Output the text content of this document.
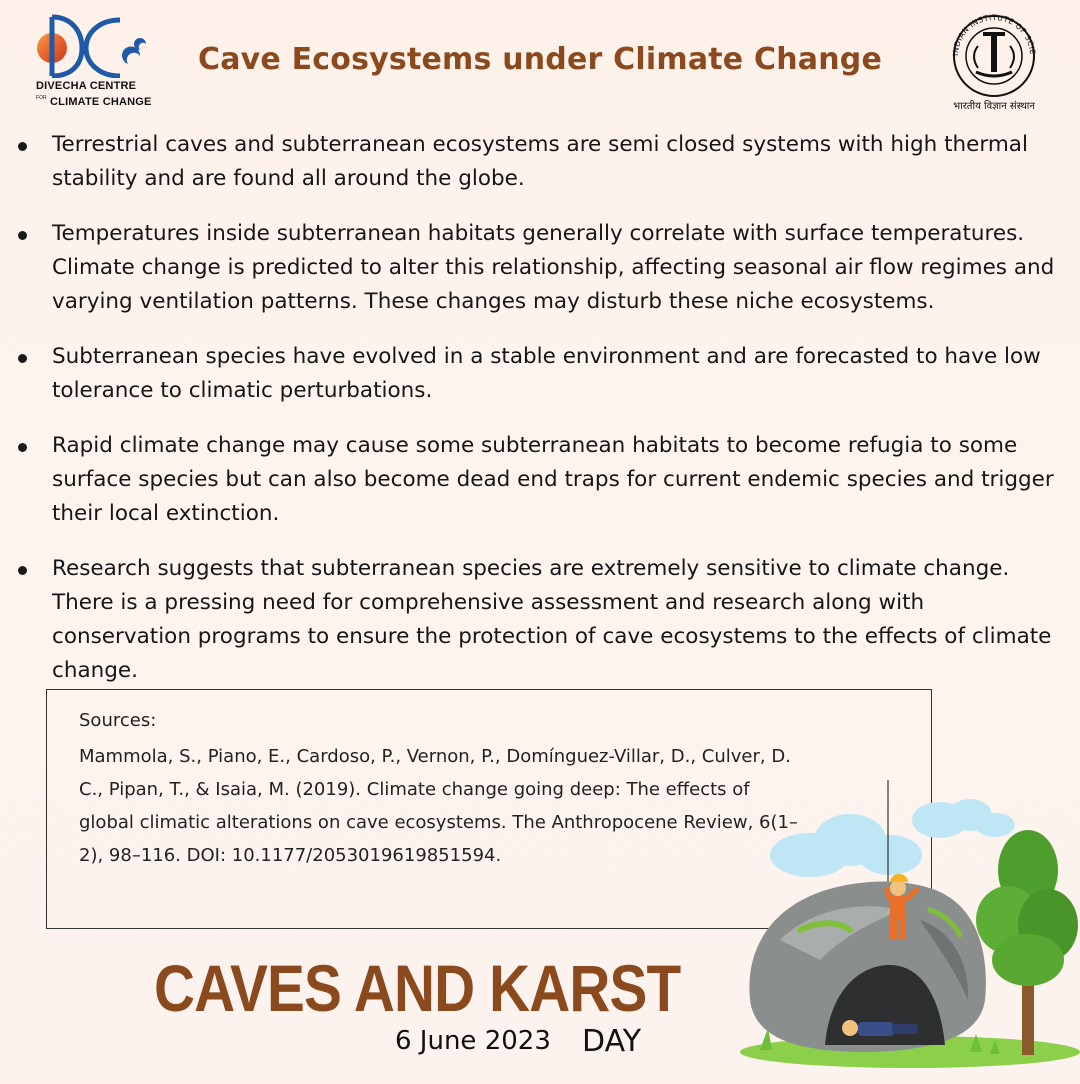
DIVECHA CENTRE
FOR CLIMATE CHANGE
Cave Ecosystems under Climate Change	INDIAN INSTITUTE OF SCIE
भारतीय विज्ञान संस्थान
Terrestrial caves and subterranean ecosystems are semi closed systems with high thermal stability and are found all around the globe.
Temperatures inside subterranean habitats generally correlate with surface temperatures. Climate change is predicted to alter this relationship, affecting seasonal air flow regimes and varying ventilation patterns. These changes may disturb these niche ecosystems.
Subterranean species have evolved in a stable environment and are forecasted to have low tolerance to climatic perturbations.
Rapid climate change may cause some subterranean habitats to become refugia to some surface species but can also become dead end traps for current endemic species and trigger their local extinction.
Research suggests that subterranean species are extremely sensitive to climate change. There is a pressing need for comprehensive assessment and research along with conservation programs to ensure the protection of cave ecosystems to the effects of climate change.
Sources:
Mammola, S., Piano, E., Cardoso, P., Vernon, P., Domínguez-Villar, D., Culver, D. C., Pipan, T., & Isaia, M. (2019). Climate change going deep: The effects of global climatic alterations on cave ecosystems. The Anthropocene Review, 6(1–2), 98–116. DOI: 10.1177/2053019619851594.
CAVES AND KARST
6 June 2023 DAY
